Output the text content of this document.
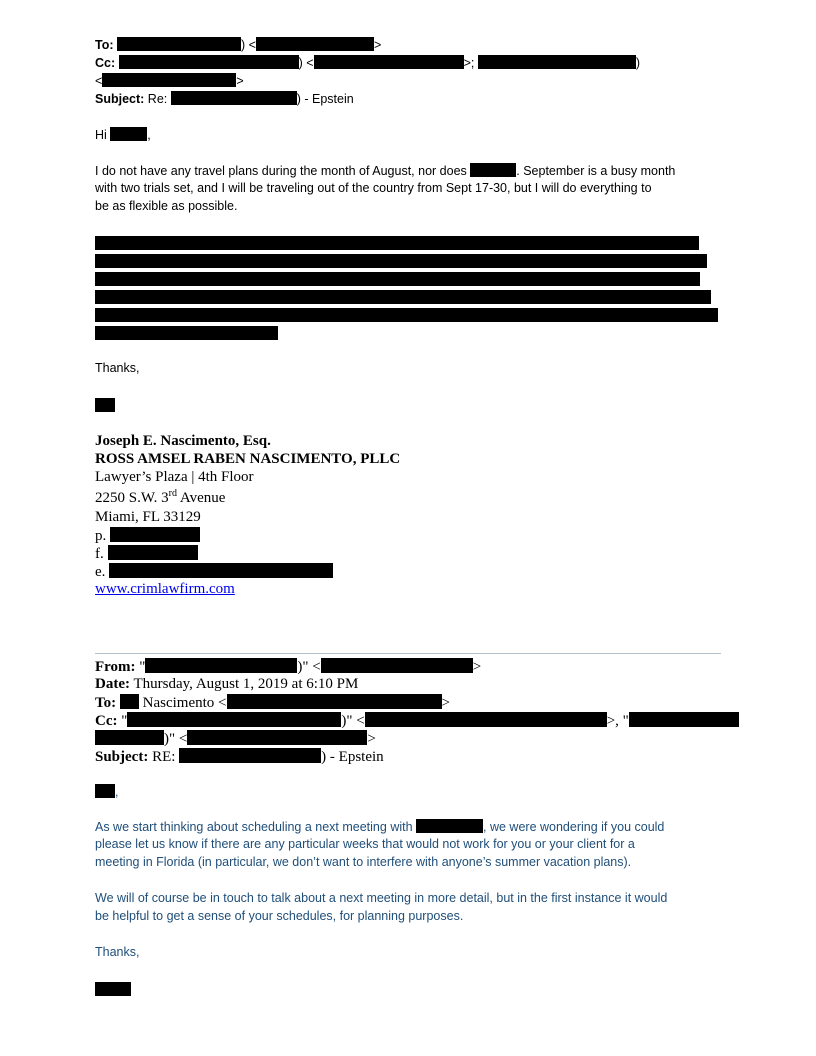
To:	) <	>
Cc:	) <	>;	)
<	>
Subject: Re:	) - Epstein
Hi	,
I do not have any travel plans during the month of August, nor does	. September is a busy month
with two trials set, and I will be traveling out of the country from Sept 17-30, but I will do everything to
be as flexible as possible.
Thanks,
Joseph E. Nascimento, Esq.
ROSS AMSEL RABEN NASCIMENTO, PLLC
Lawyer’s Plaza | 4th Floor
2250 S.W. 3rd Avenue
Miami, FL 33129
p.
f.
e.
www.crimlawfirm.com
From: "	)" <	>
Date: Thursday, August 1, 2019 at 6:10 PM
To: Nascimento <	>
Cc: "	)" <	>, "
)" <	>
Subject: RE:	) - Epstein
,
As we start thinking about scheduling a next meeting with	, we were wondering if you could
please let us know if there are any particular weeks that would not work for you or your client for a
meeting in Florida (in particular, we don’t want to interfere with anyone’s summer vacation plans).
We will of course be in touch to talk about a next meeting in more detail, but in the first instance it would
be helpful to get a sense of your schedules, for planning purposes.
Thanks,
